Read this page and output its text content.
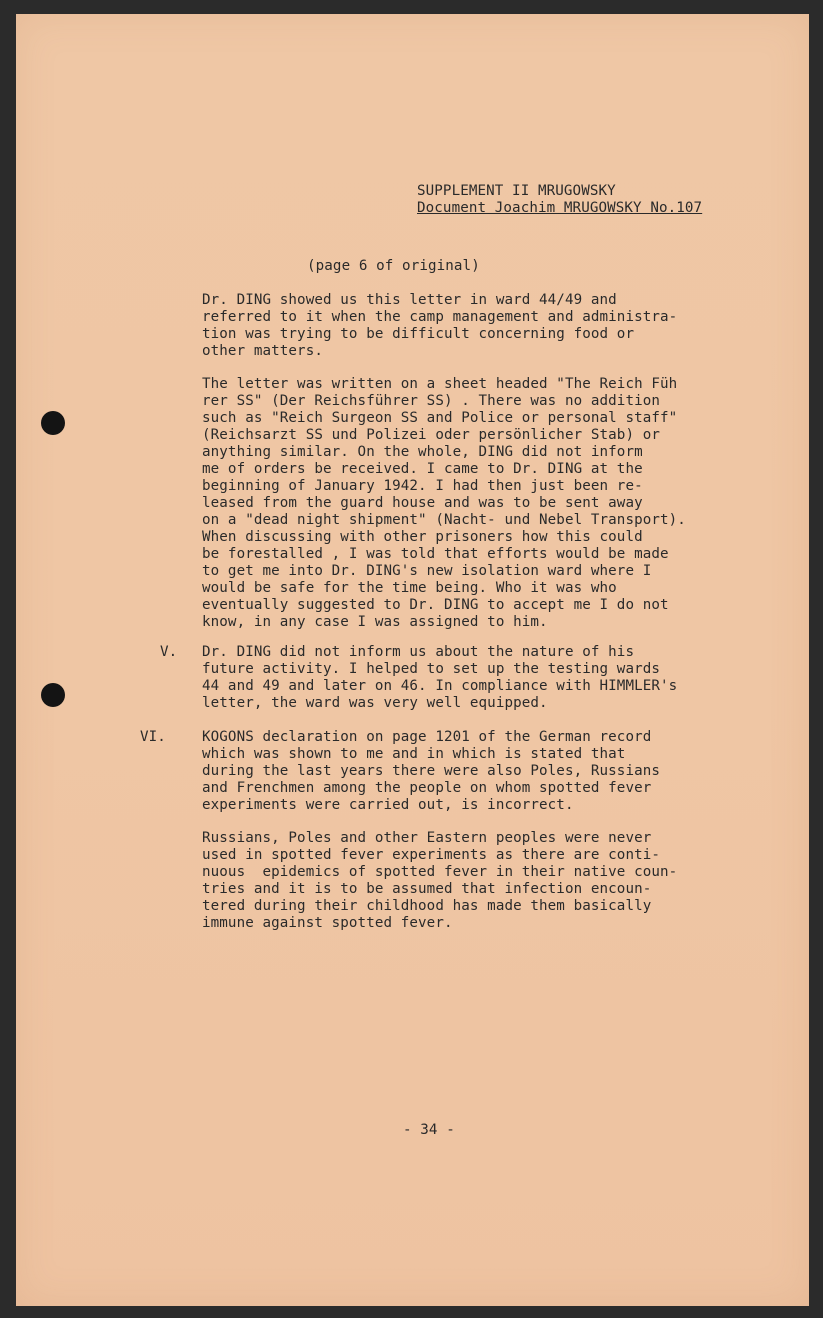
SUPPLEMENT II MRUGOWSKY

Document Joachim MRUGOWSKY No.107

(page 6 of original)

Dr. DING showed us this letter in ward 44/49 and
referred to it when the camp management and administra-
tion was trying to be difficult concerning food or
other matters.

The letter was written on a sheet headed "The Reich Füh
rer SS" (Der Reichsführer SS) . There was no addition
such as "Reich Surgeon SS and Police or personal staff"
(Reichsarzt SS und Polizei oder persönlicher Stab) or
anything similar. On the whole, DING did not inform
me of orders be received. I came to Dr. DING at the
beginning of January 1942. I had then just been re-
leased from the guard house and was to be sent away
on a "dead night shipment" (Nacht- und Nebel Transport).
When discussing with other prisoners how this could
be forestalled , I was told that efforts would be made
to get me into Dr. DING's new isolation ward where I
would be safe for the time being. Who it was who
eventually suggested to Dr. DING to accept me I do not
know, in any case I was assigned to him.

V. Dr. DING did not inform us about the nature of his
future activity. I helped to set up the testing wards
44 and 49 and later on 46. In compliance with HIMMLER's
letter, the ward was very well equipped.

VI.	KOGONS declaration on page 1201 of the German record
which was shown to me and in which is stated that
during the last years there were also Poles, Russians
and Frenchmen among the people on whom spotted fever
experiments were carried out, is incorrect.

Russians, Poles and other Eastern peoples were never
used in spotted fever experiments as there are conti-
nuous  epidemics of spotted fever in their native coun-
tries and it is to be assumed that infection encoun-
tered during their childhood has made them basically
immune against spotted fever.

- 34 -
